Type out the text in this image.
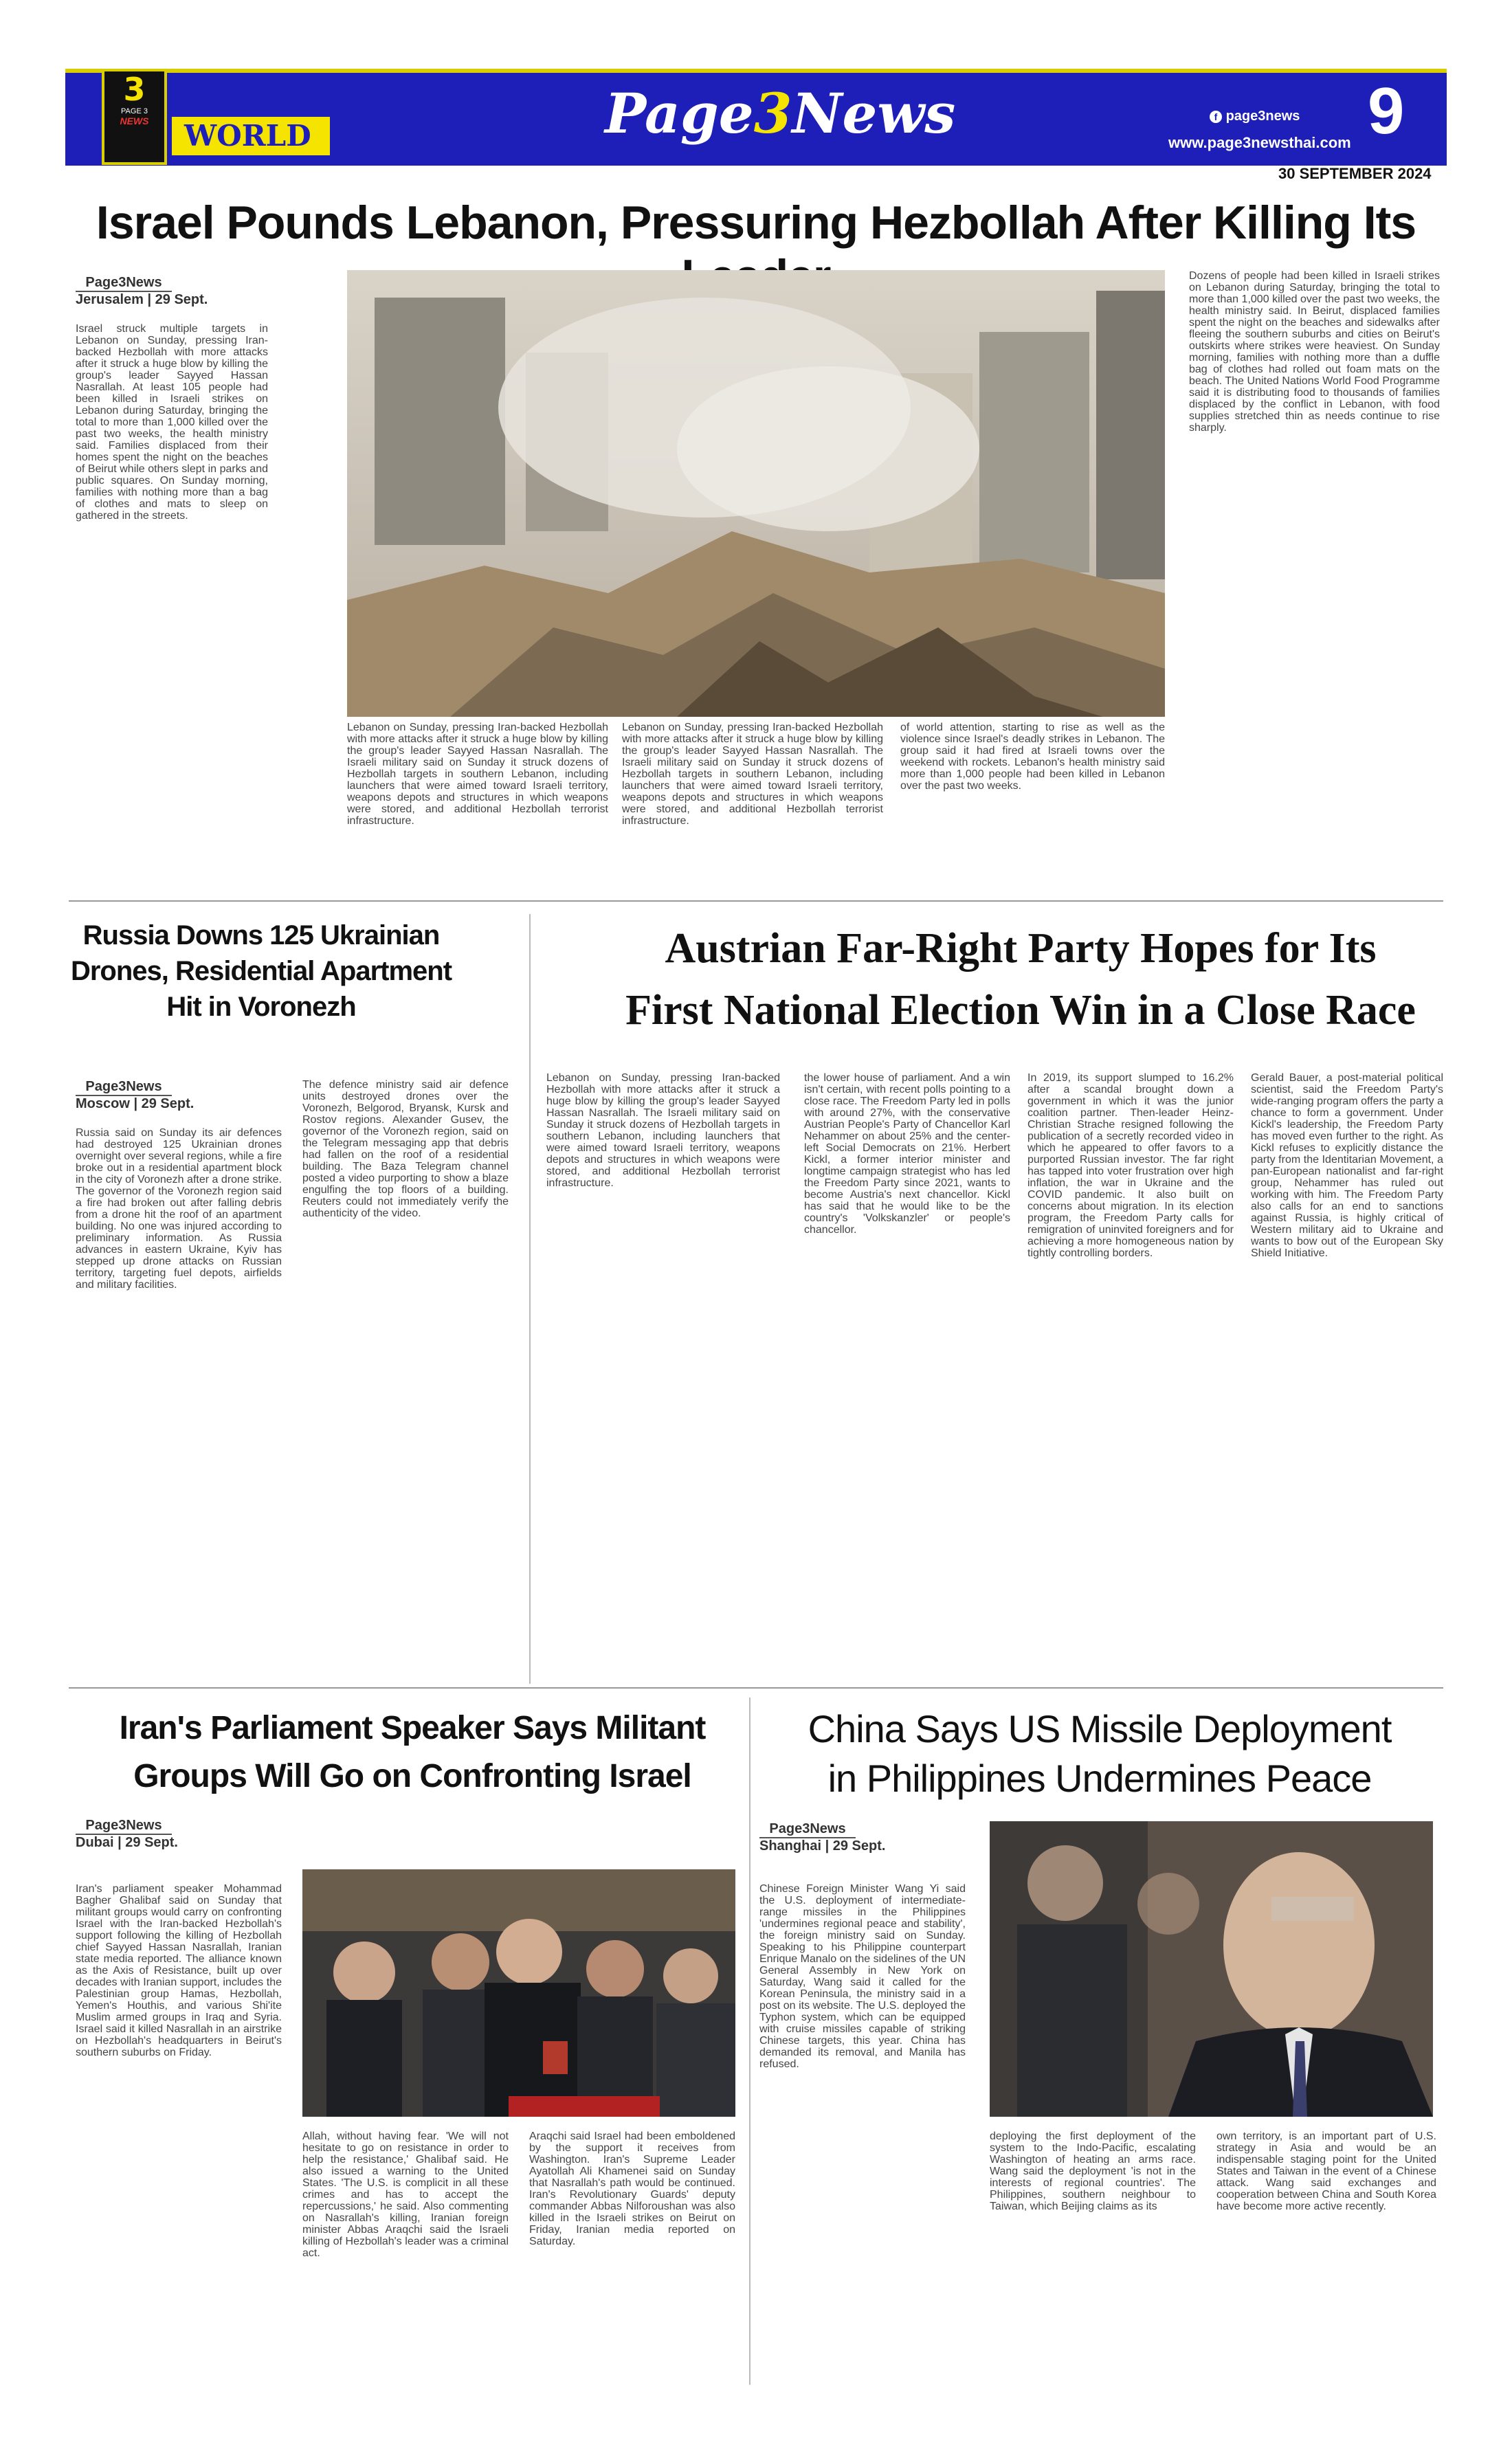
3
PAGE 3
NEWS	WORLD	Page3News	f page3news
www.page3newsthai.com 9
30 SEPTEMBER 2024
Israel Pounds Lebanon, Pressuring Hezbollah After Killing Its
Page3News
Jerusalem | 29 Sept.
Israel struck multiple targets in Lebanon on Sunday, pressing Iran-backed Hezbollah with more attacks after it struck a huge blow by killing the group's leader Sayyed Hassan Nasrallah. At least 105 people had been killed in Israeli strikes on Lebanon during Saturday, bringing the total to more than 1,000 killed over the past two weeks, the health ministry said. Families displaced from their homes spent the night on the beaches of Beirut while others slept in parks and public squares. On Sunday morning, families with nothing more than a bag of clothes and mats to sleep on gathered in the streets.
Lebanon on Sunday, pressing Iran-backed Hezbollah with more attacks after it struck a huge blow by killing the group's leader Sayyed Hassan Nasrallah. The Israeli military said on Sunday it struck dozens of Hezbollah targets in southern Lebanon, including launchers that were aimed toward Israeli territory, weapons depots and structures in which weapons were stored, and additional Hezbollah terrorist infrastructure.
Lebanon on Sunday, pressing Iran-backed Hezbollah with more attacks after it struck a huge blow by killing the group's leader Sayyed Hassan Nasrallah. The Israeli military said on Sunday it struck dozens of Hezbollah targets in southern Lebanon, including launchers that were aimed toward Israeli territory, weapons depots and structures in which weapons were stored, and additional Hezbollah terrorist infrastructure.
of world attention, starting to rise as well as the violence since Israel's deadly strikes in Lebanon. The group said it had fired at Israeli towns over the weekend with rockets. Lebanon's health ministry said more than 1,000 people had been killed in Lebanon over the past two weeks.
Dozens of people had been killed in Israeli strikes on Lebanon during Saturday, bringing the total to more than 1,000 killed over the past two weeks, the health ministry said. In Beirut, displaced families spent the night on the beaches and sidewalks after fleeing the southern suburbs and cities on Beirut's outskirts where strikes were heaviest. On Sunday morning, families with nothing more than a duffle bag of clothes had rolled out foam mats on the beach. The United Nations World Food Programme said it is distributing food to thousands of families displaced by the conflict in Lebanon, with food supplies stretched thin as needs continue to rise sharply.
Russia Downs 125 Ukrainian
Drones, Residential Apartment
Hit in Voronezh
Page3News
Moscow | 29 Sept.
Russia said on Sunday its air defences had destroyed 125 Ukrainian drones overnight over several regions, while a fire broke out in a residential apartment block in the city of Voronezh after a drone strike. The governor of the Voronezh region said a fire had broken out after falling debris from a drone hit the roof of an apartment building. No one was injured according to preliminary information. As Russia advances in eastern Ukraine, Kyiv has stepped up drone attacks on Russian territory, targeting fuel depots, airfields and military facilities.
The defence ministry said air defence units destroyed drones over the Voronezh, Belgorod, Bryansk, Kursk and Rostov regions. Alexander Gusev, the governor of the Voronezh region, said on the Telegram messaging app that debris had fallen on the roof of a residential building. The Baza Telegram channel posted a video purporting to show a blaze engulfing the top floors of a building. Reuters could not immediately verify the authenticity of the video.
Austrian Far-Right Party Hopes for Its
First National Election Win in a Close Race
Lebanon on Sunday, pressing Iran-backed Hezbollah with more attacks after it struck a huge blow by killing the group's leader Sayyed Hassan Nasrallah. The Israeli military said on Sunday it struck dozens of Hezbollah targets in southern Lebanon, including launchers that were aimed toward Israeli territory, weapons depots and structures in which weapons were stored, and additional Hezbollah terrorist infrastructure.
the lower house of parliament. And a win isn't certain, with recent polls pointing to a close race. The Freedom Party led in polls with around 27%, with the conservative Austrian People's Party of Chancellor Karl Nehammer on about 25% and the center-left Social Democrats on 21%. Herbert Kickl, a former interior minister and longtime campaign strategist who has led the Freedom Party since 2021, wants to become Austria's next chancellor. Kickl has said that he would like to be the country's 'Volkskanzler' or people's chancellor.
In 2019, its support slumped to 16.2% after a scandal brought down a government in which it was the junior coalition partner. Then-leader Heinz-Christian Strache resigned following the publication of a secretly recorded video in which he appeared to offer favors to a purported Russian investor. The far right has tapped into voter frustration over high inflation, the war in Ukraine and the COVID pandemic. It also built on concerns about migration. In its election program, the Freedom Party calls for remigration of uninvited foreigners and for achieving a more homogeneous nation by tightly controlling borders.
Gerald Bauer, a post-material political scientist, said the Freedom Party's wide-ranging program offers the party a chance to form a government. Under Kickl's leadership, the Freedom Party has moved even further to the right. As Kickl refuses to explicitly distance the party from the Identitarian Movement, a pan-European nationalist and far-right group, Nehammer has ruled out working with him. The Freedom Party also calls for an end to sanctions against Russia, is highly critical of Western military aid to Ukraine and wants to bow out of the European Sky Shield Initiative.
Iran's Parliament Speaker Says Militant
Groups Will Go on Confronting Israel
Page3News
Dubai | 29 Sept.
Iran's parliament speaker Mohammad Bagher Ghalibaf said on Sunday that militant groups would carry on confronting Israel with the Iran-backed Hezbollah's support following the killing of Hezbollah chief Sayyed Hassan Nasrallah, Iranian state media reported. The alliance known as the Axis of Resistance, built up over decades with Iranian support, includes the Palestinian group Hamas, Hezbollah, Yemen's Houthis, and various Shi'ite Muslim armed groups in Iraq and Syria. Israel said it killed Nasrallah in an airstrike on Hezbollah's headquarters in Beirut's southern suburbs on Friday.
Allah, without having fear. 'We will not hesitate to go on resistance in order to help the resistance,' Ghalibaf said. He also issued a warning to the United States. 'The U.S. is complicit in all these crimes and has to accept the repercussions,' he said. Also commenting on Nasrallah's killing, Iranian foreign minister Abbas Araqchi said the Israeli killing of Hezbollah's leader was a criminal act.
Araqchi said Israel had been emboldened by the support it receives from Washington. Iran's Supreme Leader Ayatollah Ali Khamenei said on Sunday that Nasrallah's path would be continued. Iran's Revolutionary Guards' deputy commander Abbas Nilforoushan was also killed in the Israeli strikes on Beirut on Friday, Iranian media reported on Saturday.
China Says US Missile Deployment
in Philippines Undermines Peace
Page3News
Shanghai | 29 Sept.
Chinese Foreign Minister Wang Yi said the U.S. deployment of intermediate-range missiles in the Philippines 'undermines regional peace and stability', the foreign ministry said on Sunday. Speaking to his Philippine counterpart Enrique Manalo on the sidelines of the UN General Assembly in New York on Saturday, Wang said it called for the Korean Peninsula, the ministry said in a post on its website. The U.S. deployed the Typhon system, which can be equipped with cruise missiles capable of striking Chinese targets, this year. China has demanded its removal, and Manila has refused.
deploying the first deployment of the system to the Indo-Pacific, escalating Washington of heating an arms race. Wang said the deployment 'is not in the interests of regional countries'. The Philippines, southern neighbour to Taiwan, which Beijing claims as its
own territory, is an important part of U.S. strategy in Asia and would be an indispensable staging point for the United States and Taiwan in the event of a Chinese attack. Wang said exchanges and cooperation between China and South Korea have become more active recently.
